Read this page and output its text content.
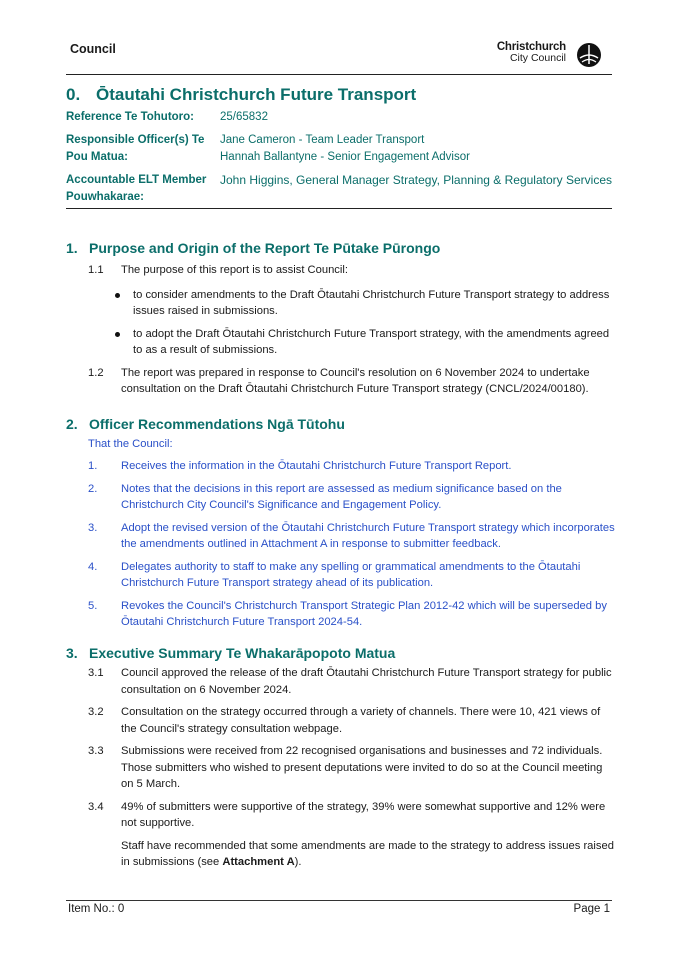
Council	Christchurch
City Council
0. Ōtautahi Christchurch Future Transport
Reference Te Tohutoro:	25/65832
Responsible Officer(s) Te Pou Matua:
Jane Cameron - Team Leader Transport
Hannah Ballantyne - Senior Engagement Advisor
Accountable ELT Member Pouwhakarae:
John Higgins, General Manager Strategy, Planning & Regulatory Services
1. Purpose and Origin of the Report Te Pūtake Pūrongo
1.1 The purpose of this report is to assist Council:
to consider amendments to the Draft Ōtautahi Christchurch Future Transport strategy to address issues raised in submissions.
to adopt the Draft Ōtautahi Christchurch Future Transport strategy, with the amendments agreed to as a result of submissions.
1.2 The report was prepared in response to Council's resolution on 6 November 2024 to undertake consultation on the Draft Ōtautahi Christchurch Future Transport strategy (CNCL/2024/00180).
2. Officer Recommendations Ngā Tūtohu
That the Council:
1. Receives the information in the Ōtautahi Christchurch Future Transport Report.
2. Notes that the decisions in this report are assessed as medium significance based on the Christchurch City Council's Significance and Engagement Policy.
3. Adopt the revised version of the Ōtautahi Christchurch Future Transport strategy which incorporates the amendments outlined in Attachment A in response to submitter feedback.
4. Delegates authority to staff to make any spelling or grammatical amendments to the Ōtautahi Christchurch Future Transport strategy ahead of its publication.
5. Revokes the Council's Christchurch Transport Strategic Plan 2012-42 which will be superseded by Ōtautahi Christchurch Future Transport 2024-54.
3. Executive Summary Te Whakarāpopoto Matua
3.1 Council approved the release of the draft Ōtautahi Christchurch Future Transport strategy for public consultation on 6 November 2024.
3.2 Consultation on the strategy occurred through a variety of channels. There were 10, 421 views of the Council's strategy consultation webpage.
3.3 Submissions were received from 22 recognised organisations and businesses and 72 individuals. Those submitters who wished to present deputations were invited to do so at the Council meeting on 5 March.
3.4 49% of submitters were supportive of the strategy, 39% were somewhat supportive and 12% were not supportive.
Staff have recommended that some amendments are made to the strategy to address issues raised in submissions (see Attachment A).
Item No.: 0	Page 1
